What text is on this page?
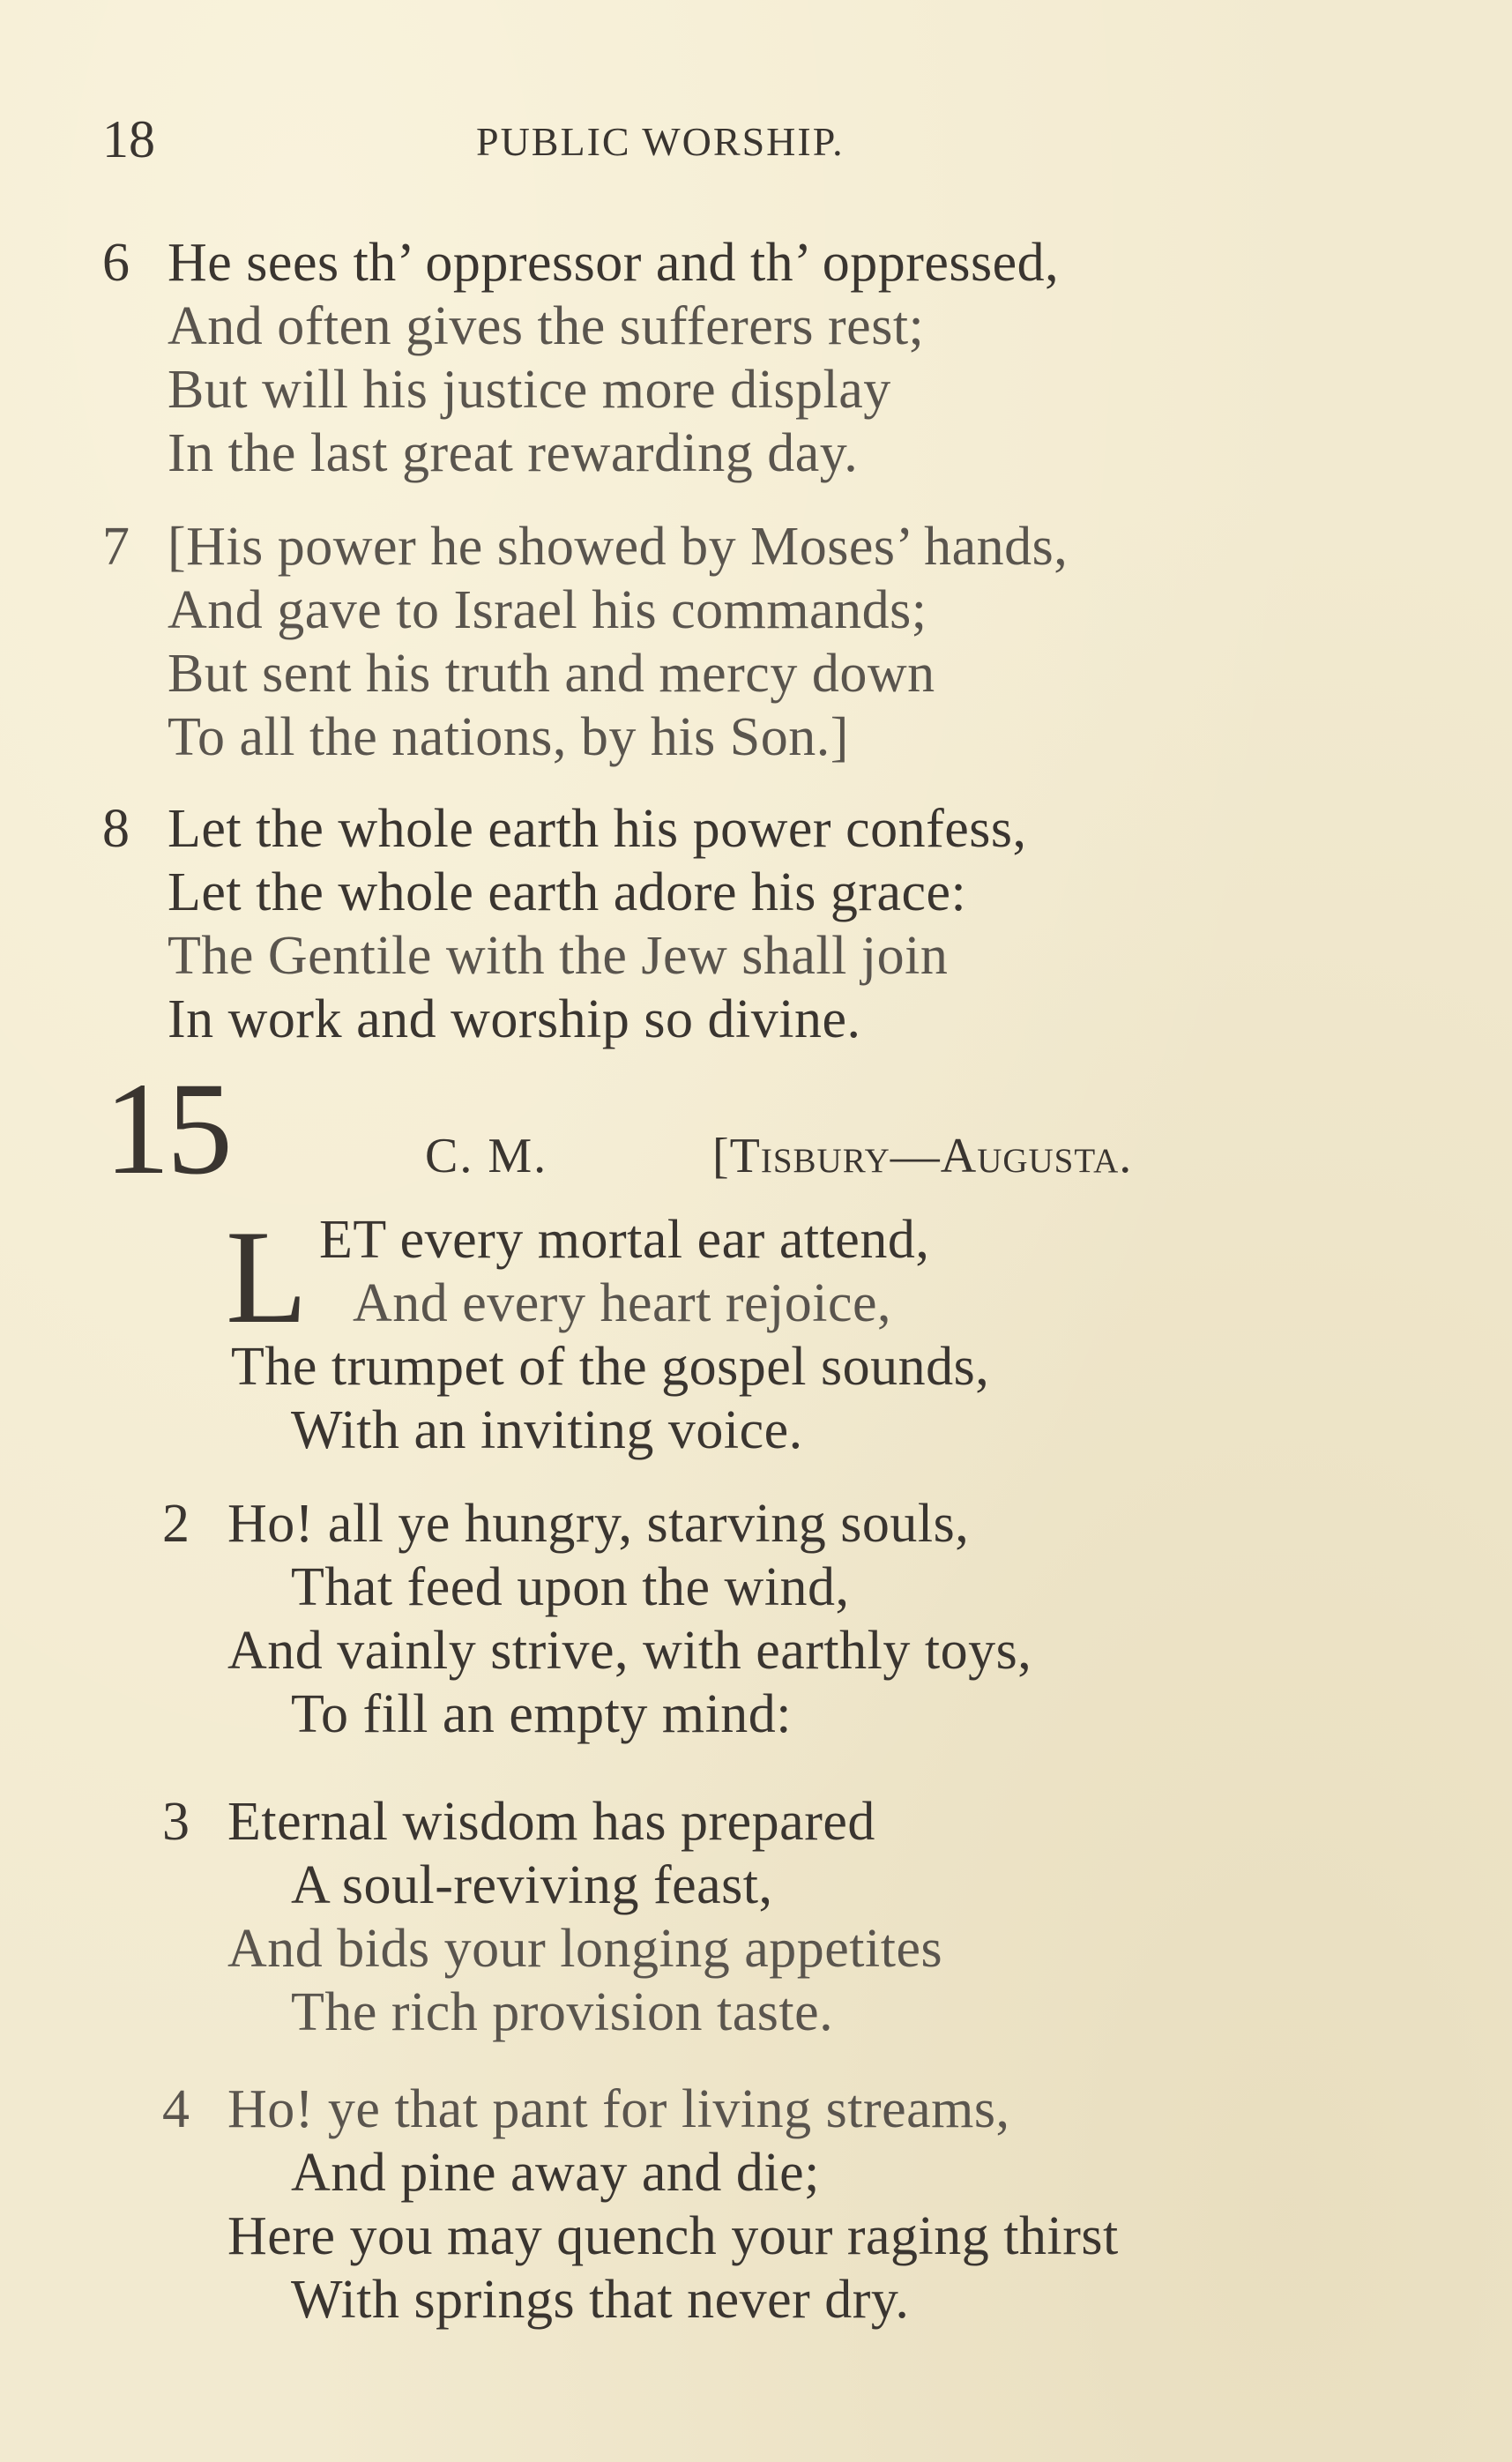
18	PUBLIC WORSHIP.
6 He sees th’ oppressor and th’ oppressed,
And often gives the sufferers rest;
But will his justice more display
In the last great rewarding day.
7 [His power he showed by Moses’ hands,
And gave to Israel his commands;
But sent his truth and mercy down
To all the nations, by his Son.]
8 Let the whole earth his power confess,
Let the whole earth adore his grace:
The Gentile with the Jew shall join
In work and worship so divine.
15	C. M.	[Tisbury—Augusta.
L ET every mortal ear attend,
And every heart rejoice,
The trumpet of the gospel sounds,
With an inviting voice.
2 Ho! all ye hungry, starving souls,
That feed upon the wind,
And vainly strive, with earthly toys,
To fill an empty mind:
3 Eternal wisdom has prepared
A soul-reviving feast,
And bids your longing appetites
The rich provision taste.
4 Ho! ye that pant for living streams,
And pine away and die;
Here you may quench your raging thirst
With springs that never dry.
